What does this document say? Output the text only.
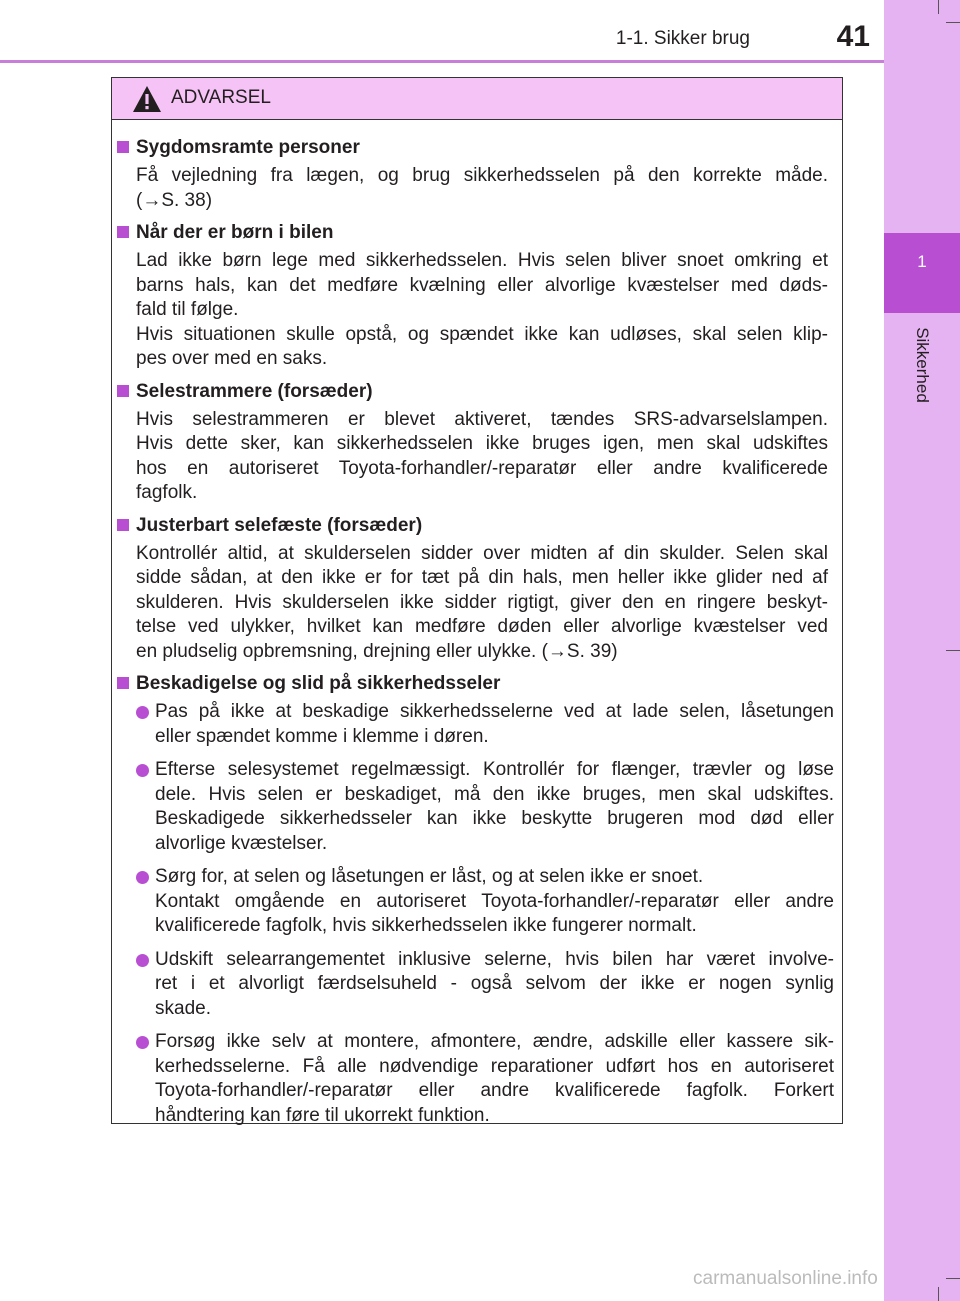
1-1. Sikker brug	41
1
Sikkerhed
ADVARSEL
Sygdomsramte personer
Få vejledning fra lægen, og brug sikkerhedsselen på den korrekte måde.
(→S. 38)
Når der er børn i bilen
Lad ikke børn lege med sikkerhedsselen. Hvis selen bliver snoet omkring et
barns hals, kan det medføre kvælning eller alvorlige kvæstelser med døds-
fald til følge.
Hvis situationen skulle opstå, og spændet ikke kan udløses, skal selen klip-
pes over med en saks.
Selestrammere (forsæder)
Hvis selestrammeren er blevet aktiveret, tændes SRS-advarselslampen.
Hvis dette sker, kan sikkerhedsselen ikke bruges igen, men skal udskiftes
hos en autoriseret Toyota-forhandler/-reparatør eller andre kvalificerede
fagfolk.
Justerbart selefæste (forsæder)
Kontrollér altid, at skulderselen sidder over midten af din skulder. Selen skal
sidde sådan, at den ikke er for tæt på din hals, men heller ikke glider ned af
skulderen. Hvis skulderselen ikke sidder rigtigt, giver den en ringere beskyt-
telse ved ulykker, hvilket kan medføre døden eller alvorlige kvæstelser ved
en pludselig opbremsning, drejning eller ulykke. (→S. 39)
Beskadigelse og slid på sikkerhedsseler
Pas på ikke at beskadige sikkerhedsselerne ved at lade selen, låsetungen
eller spændet komme i klemme i døren.
Efterse selesystemet regelmæssigt. Kontrollér for flænger, trævler og løse
dele. Hvis selen er beskadiget, må den ikke bruges, men skal udskiftes.
Beskadigede sikkerhedsseler kan ikke beskytte brugeren mod død eller
alvorlige kvæstelser.
Sørg for, at selen og låsetungen er låst, og at selen ikke er snoet.
Kontakt omgående en autoriseret Toyota-forhandler/-reparatør eller andre
kvalificerede fagfolk, hvis sikkerhedsselen ikke fungerer normalt.
Udskift selearrangementet inklusive selerne, hvis bilen har været involve-
ret i et alvorligt færdselsuheld - også selvom der ikke er nogen synlig
skade.
Forsøg ikke selv at montere, afmontere, ændre, adskille eller kassere sik-
kerhedsselerne. Få alle nødvendige reparationer udført hos en autoriseret
Toyota-forhandler/-reparatør eller andre kvalificerede fagfolk. Forkert
håndtering kan føre til ukorrekt funktion.
carmanualsonline.info
